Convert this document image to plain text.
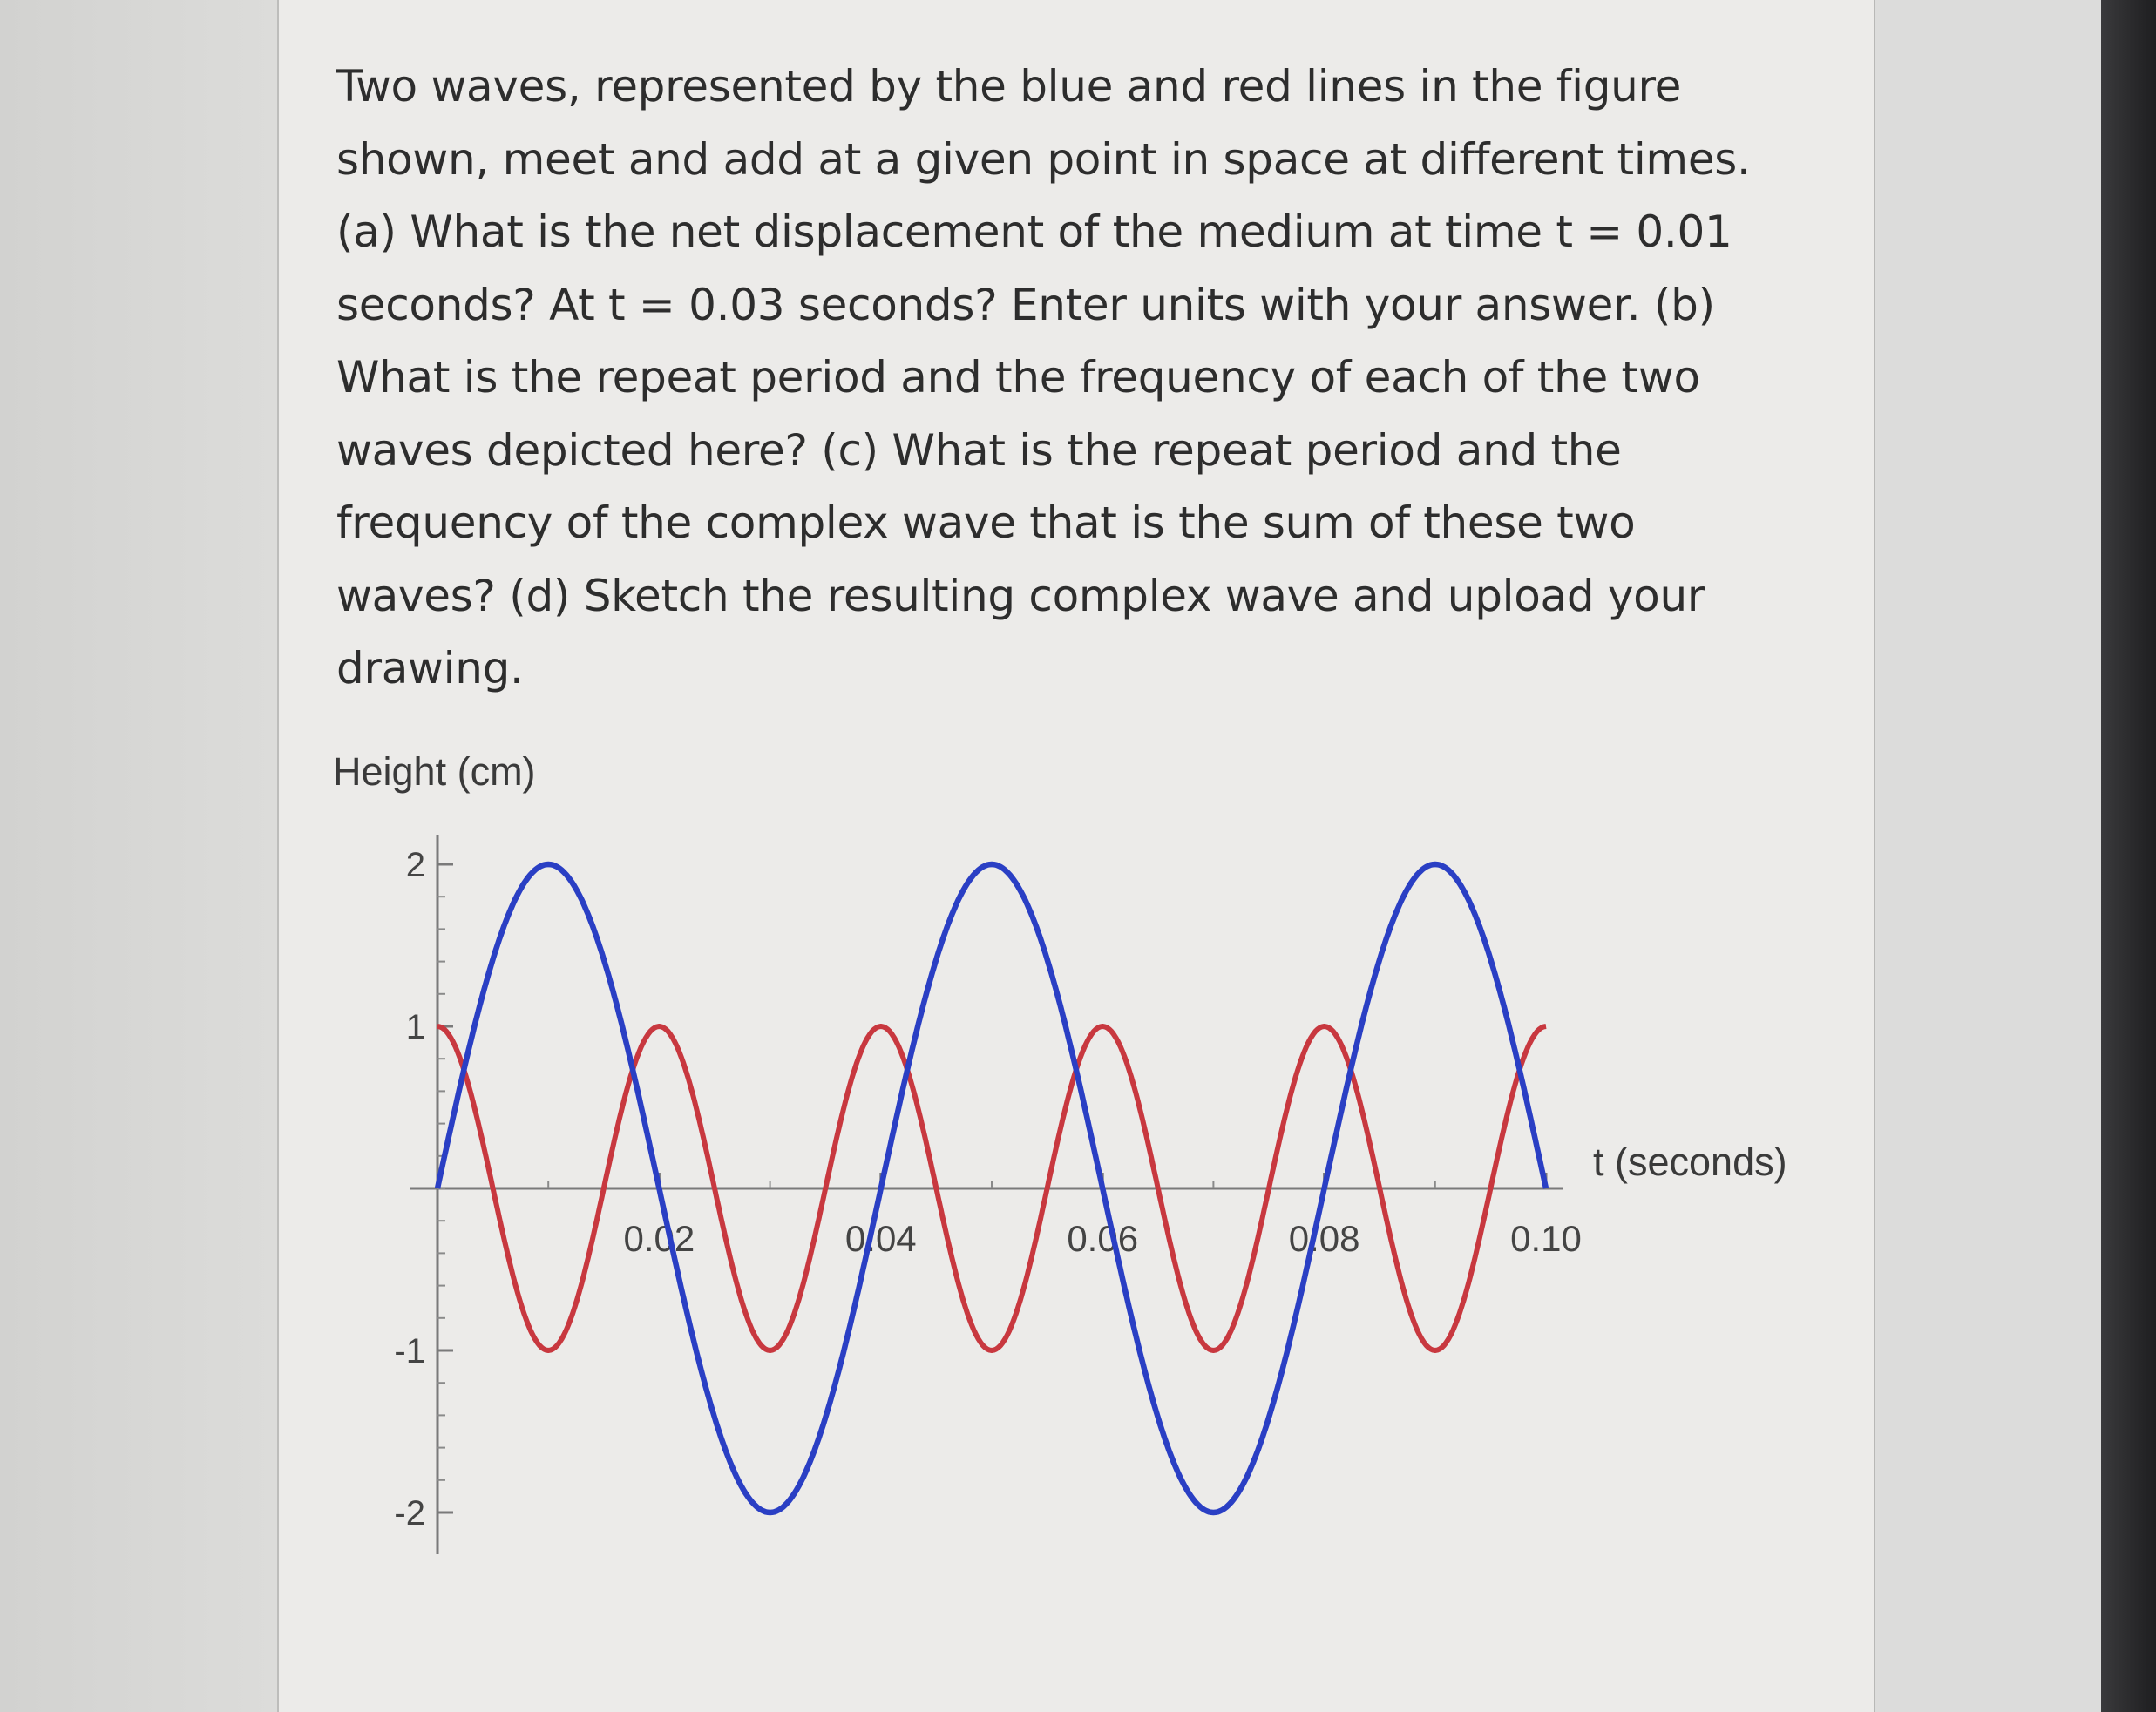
Two waves, represented by the blue and red lines in the figure shown, meet and add at a given point in space at different times. (a) What is the net displacement of the medium at time t = 0.01 seconds? At t = 0.03 seconds? Enter units with your answer. (b) What is the repeat period and the frequency of each of the two waves depicted here? (c) What is the repeat period and the frequency of the complex wave that is the sum of these two waves? (d) Sketch the resulting complex wave and upload your drawing.

Height (cm)
t (seconds)
2
1
-1
-2
0.02	0.04	0.06	0.08	0.10
